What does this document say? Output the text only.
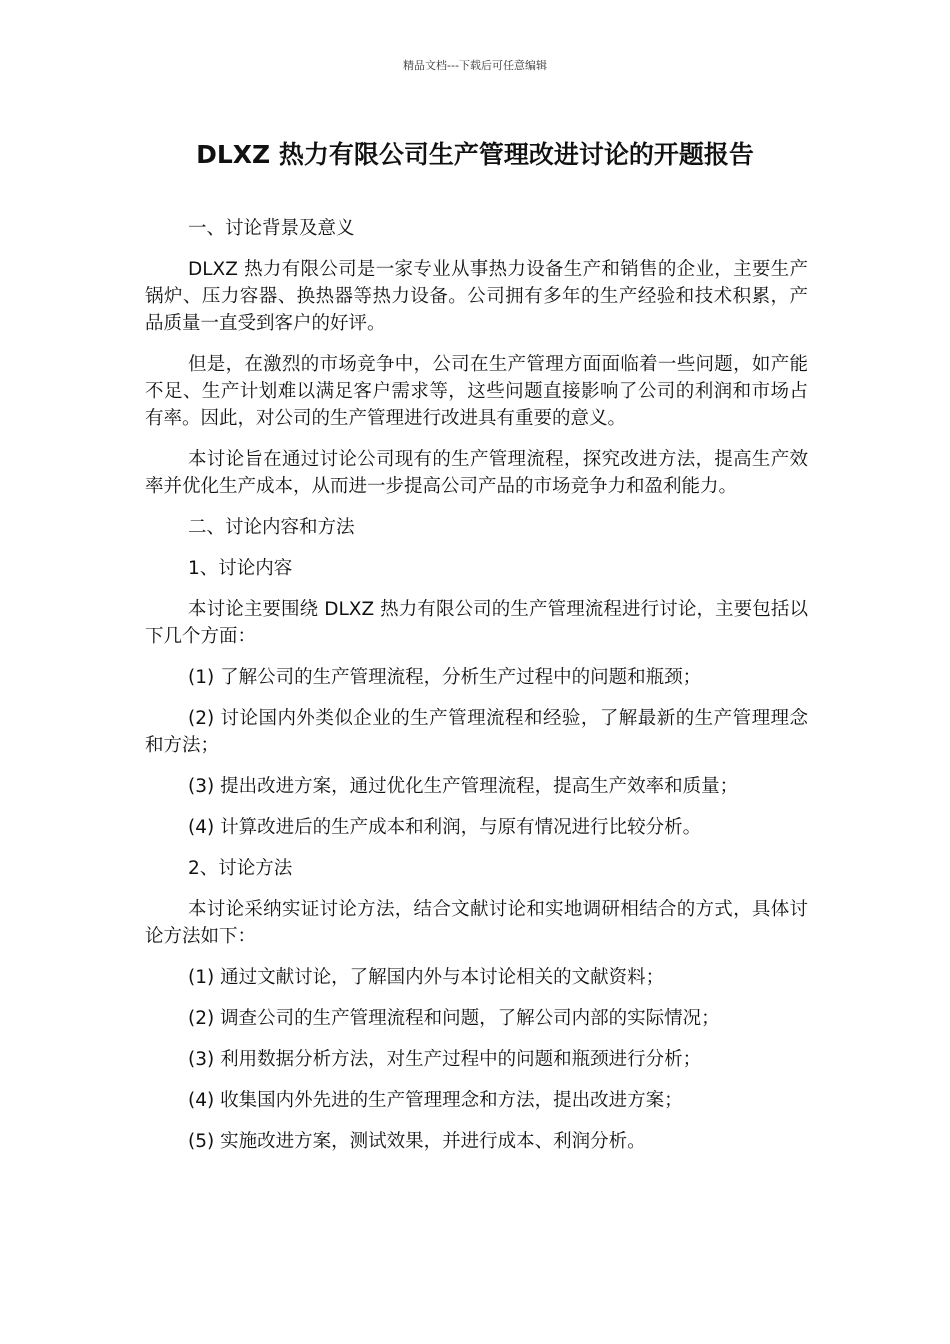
精品文档---下载后可任意编辑
DLXZ 热力有限公司生产管理改进讨论的开题报告

一、讨论背景及意义

DLXZ 热力有限公司是一家专业从事热力设备生产和销售的企业，主要生产锅炉、压力容器、换热器等热力设备。公司拥有多年的生产经验和技术积累，产品质量一直受到客户的好评。

但是，在激烈的市场竞争中，公司在生产管理方面面临着一些问题，如产能不足、生产计划难以满足客户需求等，这些问题直接影响了公司的利润和市场占有率。因此，对公司的生产管理进行改进具有重要的意义。

本讨论旨在通过讨论公司现有的生产管理流程，探究改进方法，提高生产效率并优化生产成本，从而进一步提高公司产品的市场竞争力和盈利能力。

二、讨论内容和方法

1、讨论内容

本讨论主要围绕 DLXZ 热力有限公司的生产管理流程进行讨论，主要包括以下几个方面：

(1) 了解公司的生产管理流程，分析生产过程中的问题和瓶颈；

(2) 讨论国内外类似企业的生产管理流程和经验，了解最新的生产管理理念和方法；

(3) 提出改进方案，通过优化生产管理流程，提高生产效率和质量；

(4) 计算改进后的生产成本和利润，与原有情况进行比较分析。

2、讨论方法

本讨论采纳实证讨论方法，结合文献讨论和实地调研相结合的方式，具体讨论方法如下：

(1) 通过文献讨论，了解国内外与本讨论相关的文献资料；

(2) 调查公司的生产管理流程和问题，了解公司内部的实际情况；

(3) 利用数据分析方法，对生产过程中的问题和瓶颈进行分析；

(4) 收集国内外先进的生产管理理念和方法，提出改进方案；

(5) 实施改进方案，测试效果，并进行成本、利润分析。
